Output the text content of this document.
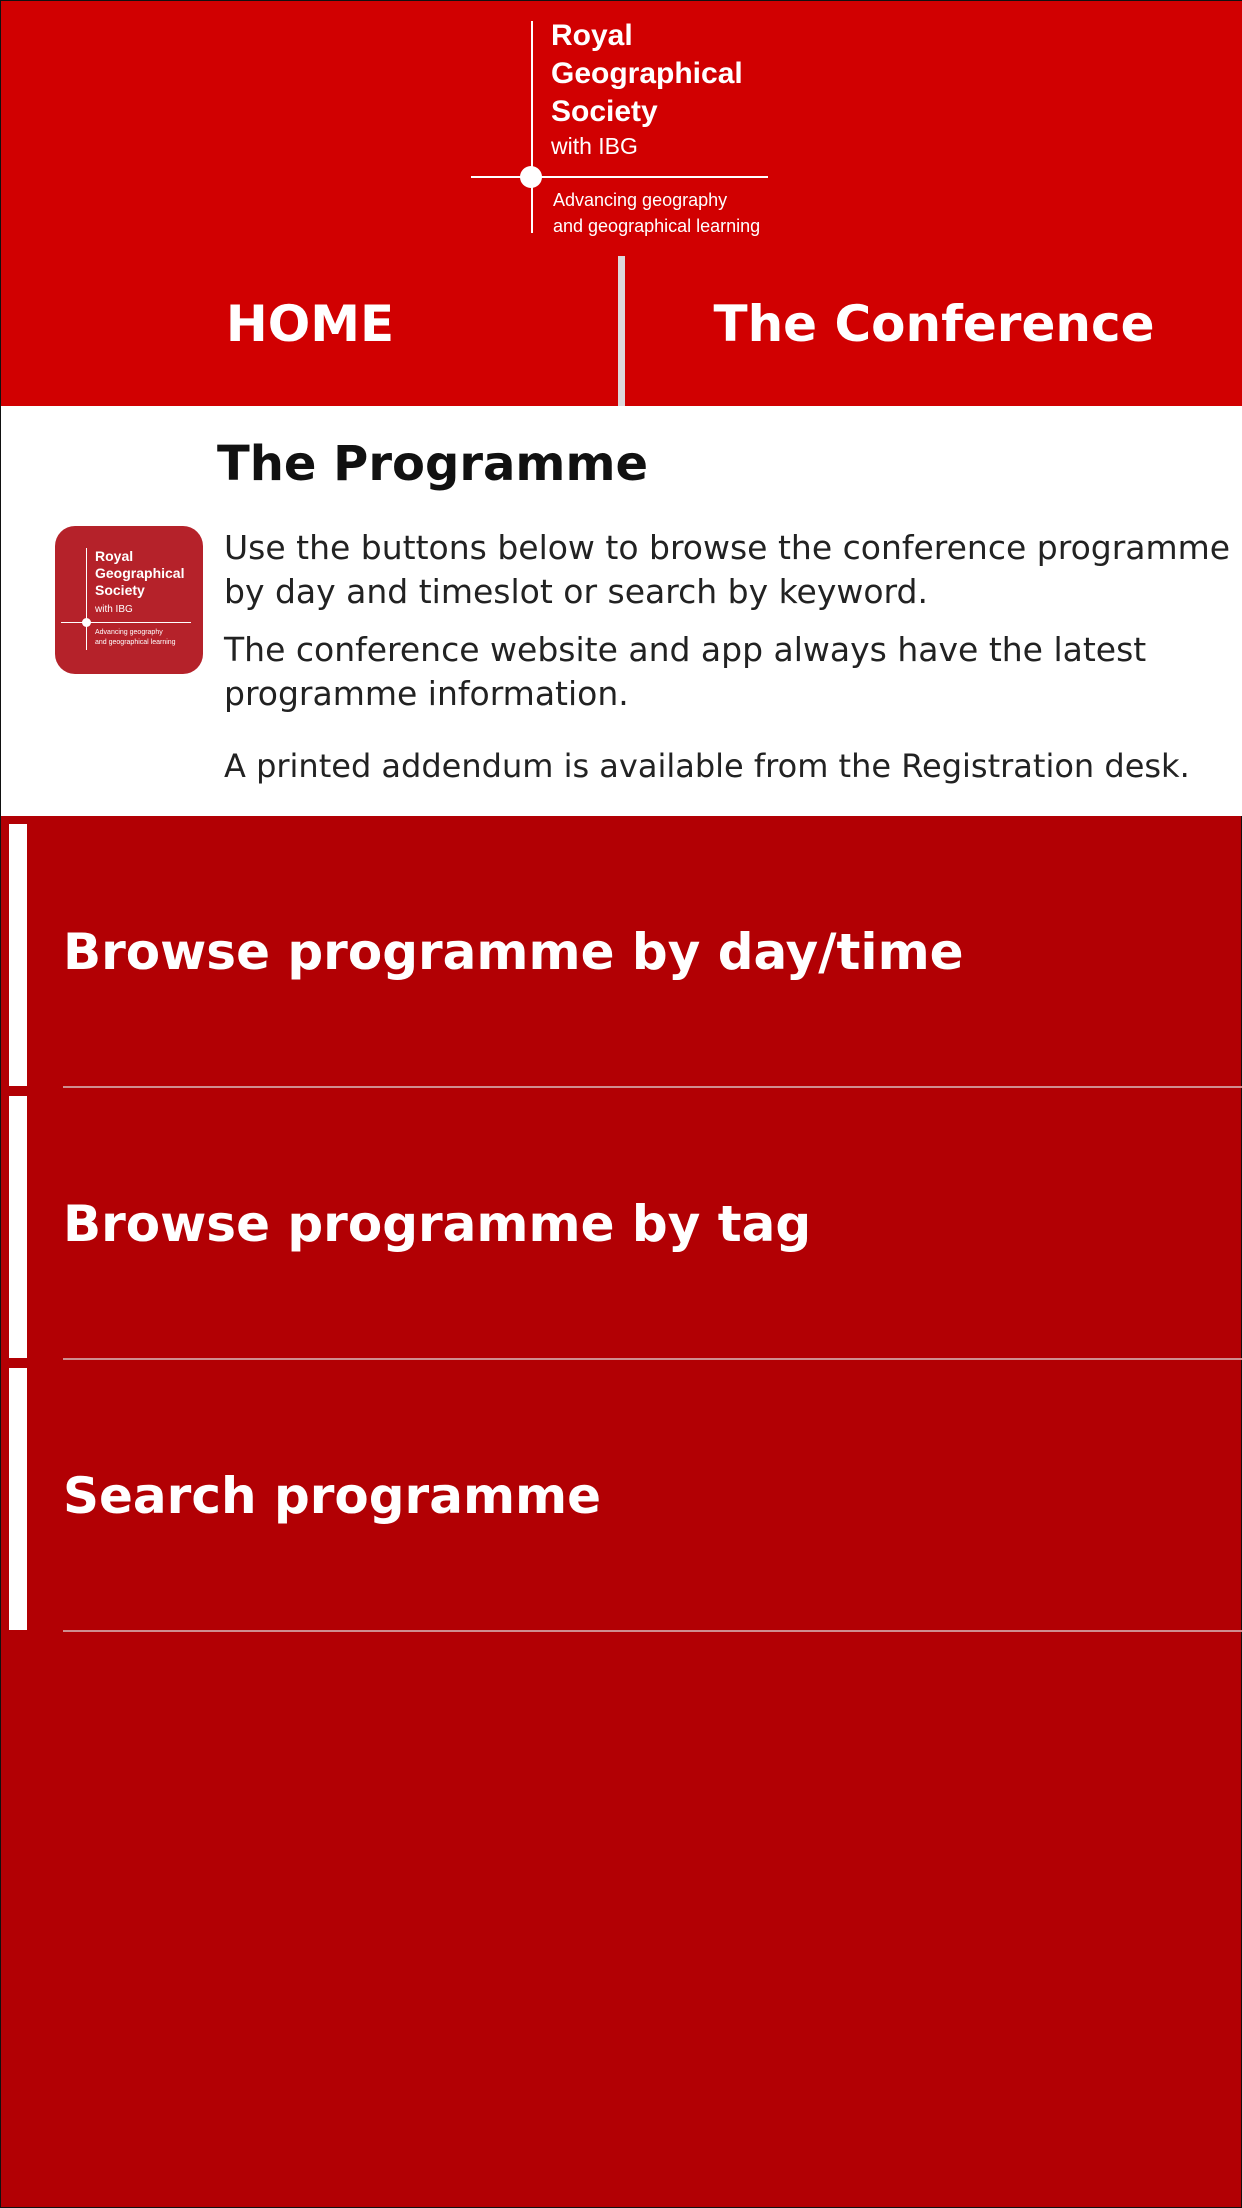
Royal
Geographical
Society
with IBG
Advancing geography
and geographical learning
HOME	The Conference
The Programme
Royal
Geographical
Society
with IBG
Advancing geography
and geographical learning
Use the buttons below to browse the conference programme by day and timeslot or search by keyword.
The conference website and app always have the latest programme information.
A printed addendum is available from the Registration desk.
Browse programme by day/time
Browse programme by tag
Search programme
